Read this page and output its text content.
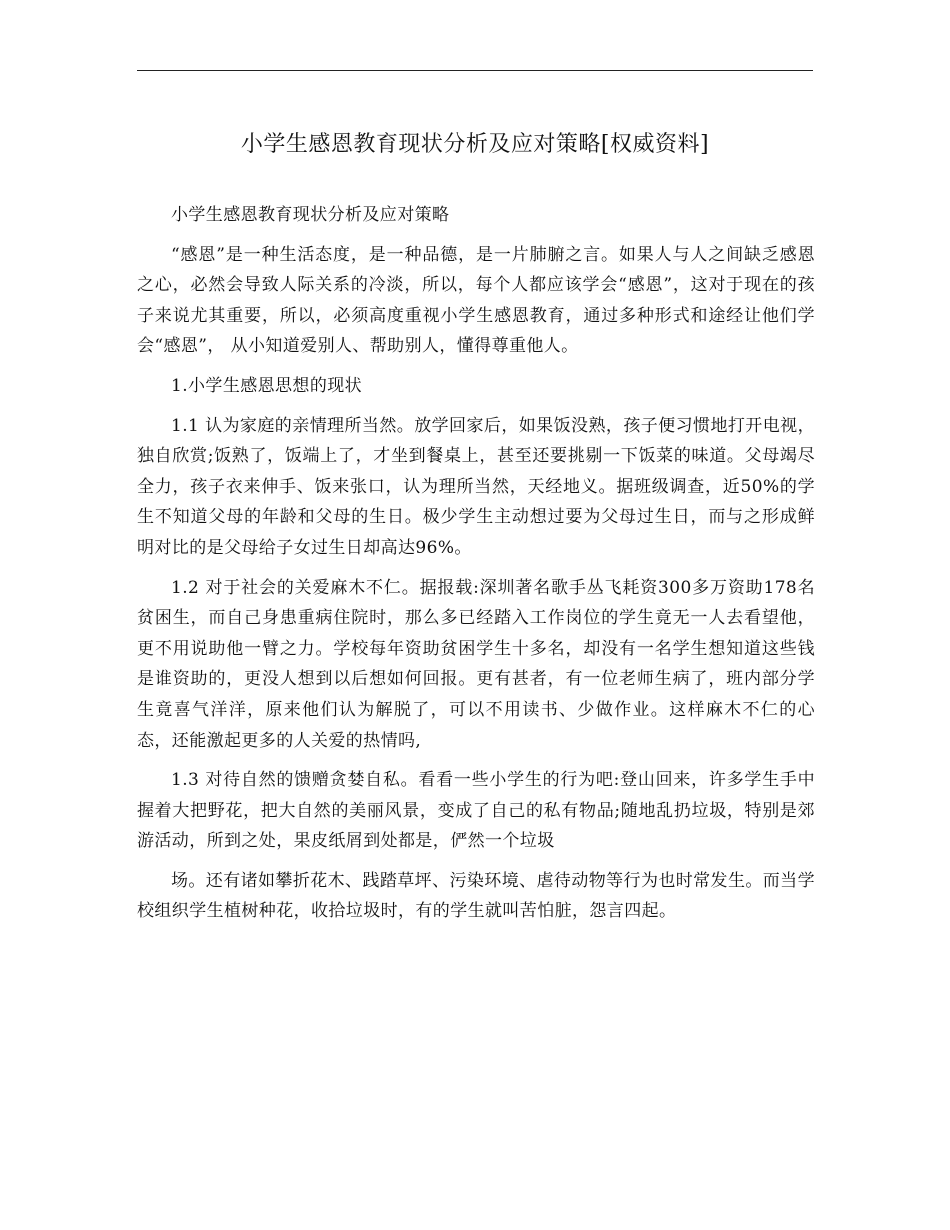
小学生感恩教育现状分析及应对策略[权威资料]

小学生感恩教育现状分析及应对策略

“感恩”是一种生活态度，是一种品德，是一片肺腑之言。如果人与人之间缺乏感恩之心，必然会导致人际关系的冷淡，所以，每个人都应该学会“感恩”，这对于现在的孩子来说尤其重要，所以，必须高度重视小学生感恩教育，通过多种形式和途经让他们学会“感恩”， 从小知道爱别人、帮助别人，懂得尊重他人。

1.小学生感恩思想的现状

1.1 认为家庭的亲情理所当然。放学回家后，如果饭没熟，孩子便习惯地打开电视，独自欣赏;饭熟了，饭端上了，才坐到餐桌上，甚至还要挑剔一下饭菜的味道。父母竭尽全力，孩子衣来伸手、饭来张口，认为理所当然，天经地义。据班级调查，近50%的学生不知道父母的年龄和父母的生日。极少学生主动想过要为父母过生日，而与之形成鲜明对比的是父母给子女过生日却高达96%。

1.2 对于社会的关爱麻木不仁。据报载:深圳著名歌手丛飞耗资300多万资助178名贫困生，而自己身患重病住院时，那么多已经踏入工作岗位的学生竟无一人去看望他，更不用说助他一臂之力。学校每年资助贫困学生十多名，却没有一名学生想知道这些钱是谁资助的，更没人想到以后想如何回报。更有甚者，有一位老师生病了，班内部分学生竟喜气洋洋，原来他们认为解脱了，可以不用读书、少做作业。这样麻木不仁的心态，还能激起更多的人关爱的热情吗,

1.3 对待自然的馈赠贪婪自私。看看一些小学生的行为吧:登山回来，许多学生手中握着大把野花，把大自然的美丽风景，变成了自己的私有物品;随地乱扔垃圾，特别是郊游活动，所到之处，果皮纸屑到处都是，俨然一个垃圾

场。还有诸如攀折花木、践踏草坪、污染环境、虐待动物等行为也时常发生。而当学校组织学生植树种花，收拾垃圾时，有的学生就叫苦怕脏，怨言四起。
